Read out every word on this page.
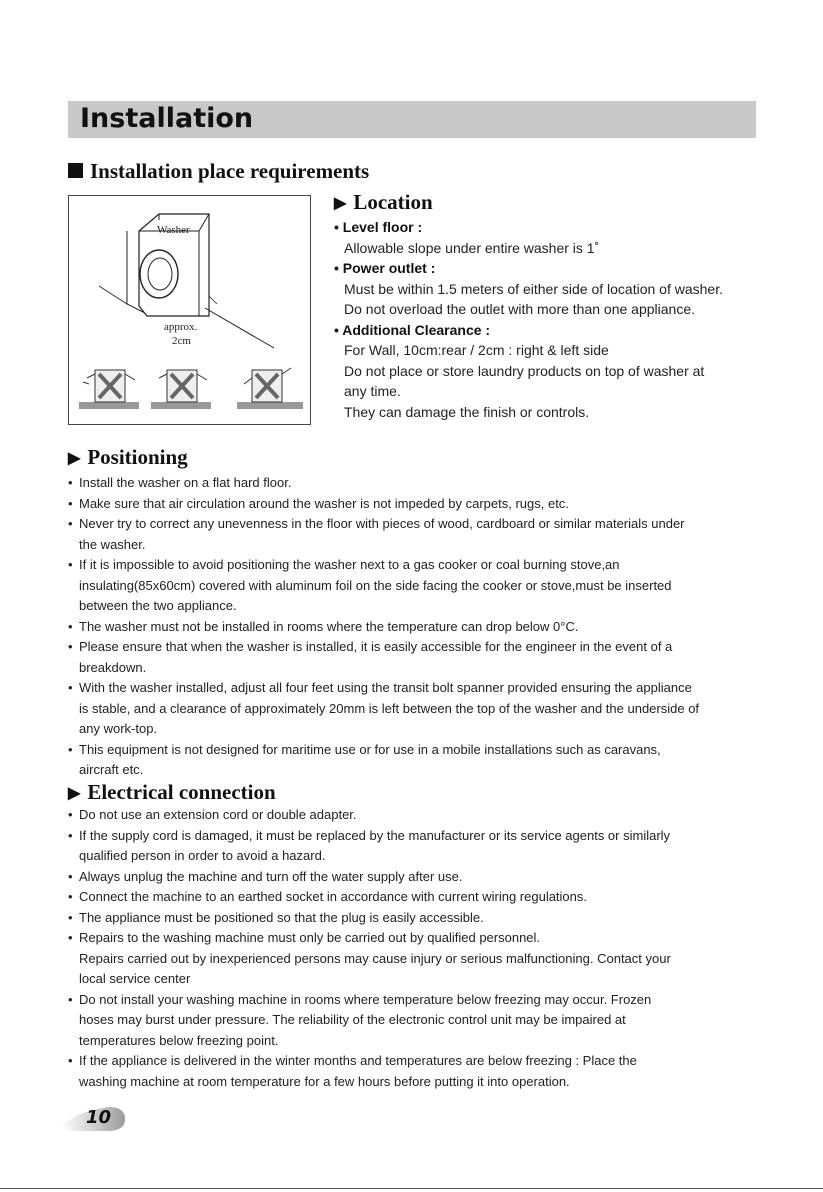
Installation
Installation place requirements
Washer
approx.
2cm
▶ Location
• Level floor :
Allowable slope under entire washer is 1˚
• Power outlet :
Must be within 1.5 meters of either side of location of washer.
Do not overload the outlet with more than one appliance.
• Additional Clearance :
For Wall, 10cm:rear / 2cm : right & left side
Do not place or store laundry products on top of washer at
any time.
They can damage the finish or controls.
▶ Positioning
• Install the washer on a flat hard floor.
• Make sure that air circulation around the washer is not impeded by carpets, rugs, etc.
• Never try to correct any unevenness in the floor with pieces of wood, cardboard or similar materials under
the washer.
• If it is impossible to avoid positioning the washer next to a gas cooker or coal burning stove,an
insulating(85x60cm) covered with aluminum foil on the side facing the cooker or stove,must be inserted
between the two appliance.
• The washer must not be installed in rooms where the temperature can drop below 0°C.
• Please ensure that when the washer is installed, it is easily accessible for the engineer in the event of a
breakdown.
• With the washer installed, adjust all four feet using the transit bolt spanner provided ensuring the appliance
is stable, and a clearance of approximately 20mm is left between the top of the washer and the underside of
any work-top.
• This equipment is not designed for maritime use or for use in a mobile installations such as caravans,
aircraft etc.
▶ Electrical connection
• Do not use an extension cord or double adapter.
• If the supply cord is damaged, it must be replaced by the manufacturer or its service agents or similarly
qualified person in order to avoid a hazard.
• Always unplug the machine and turn off the water supply after use.
• Connect the machine to an earthed socket in accordance with current wiring regulations.
• The appliance must be positioned so that the plug is easily accessible.
• Repairs to the washing machine must only be carried out by qualified personnel.
Repairs carried out by inexperienced persons may cause injury or serious malfunctioning. Contact your
local service center
• Do not install your washing machine in rooms where temperature below freezing may occur. Frozen
hoses may burst under pressure. The reliability of the electronic control unit may be impaired at
temperatures below freezing point.
• If the appliance is delivered in the winter months and temperatures are below freezing : Place the
washing machine at room temperature for a few hours before putting it into operation.
10
